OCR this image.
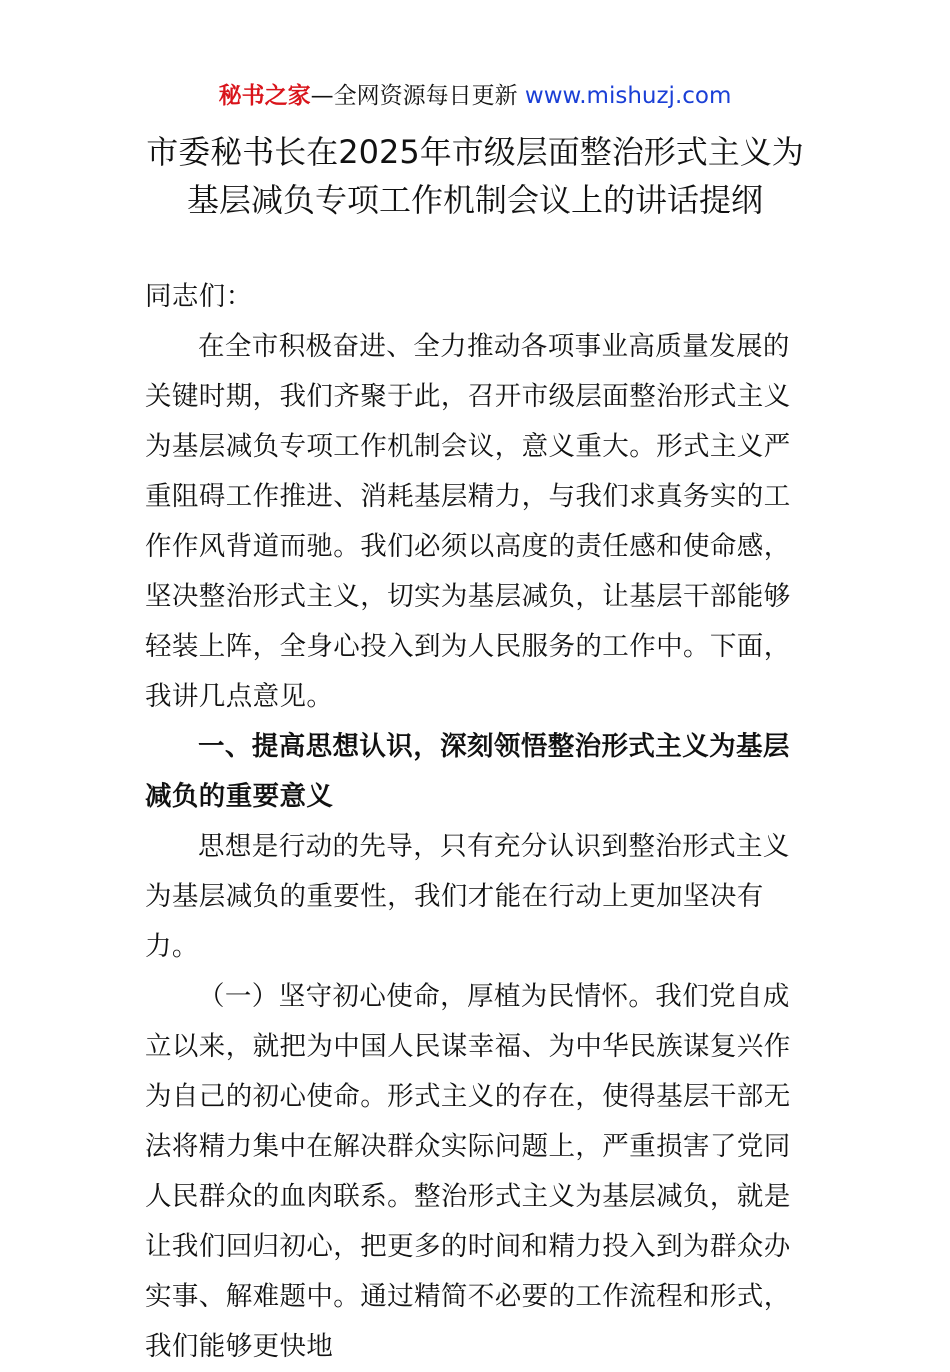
秘书之家—全网资源每日更新 www.mishuzj.com
市委秘书长在2025年市级层面整治形式主义为
基层减负专项工作机制会议上的讲话提纲

同志们：

在全市积极奋进、全力推动各项事业高质量发展的关键时期，我们齐聚于此，召开市级层面整治形式主义为基层减负专项工作机制会议，意义重大。形式主义严重阻碍工作推进、消耗基层精力，与我们求真务实的工作作风背道而驰。我们必须以高度的责任感和使命感，坚决整治形式主义，切实为基层减负，让基层干部能够轻装上阵，全身心投入到为人民服务的工作中。下面，我讲几点意见。

一、提高思想认识，深刻领悟整治形式主义为基层减负的重要意义

思想是行动的先导，只有充分认识到整治形式主义为基层减负的重要性，我们才能在行动上更加坚决有力。

（一）坚守初心使命，厚植为民情怀。我们党自成立以来，就把为中国人民谋幸福、为中华民族谋复兴作为自己的初心使命。形式主义的存在，使得基层干部无法将精力集中在解决群众实际问题上，严重损害了党同人民群众的血肉联系。整治形式主义为基层减负，就是让我们回归初心，把更多的时间和精力投入到为群众办实事、解难题中。通过精简不必要的工作流程和形式，我们能够更快地
